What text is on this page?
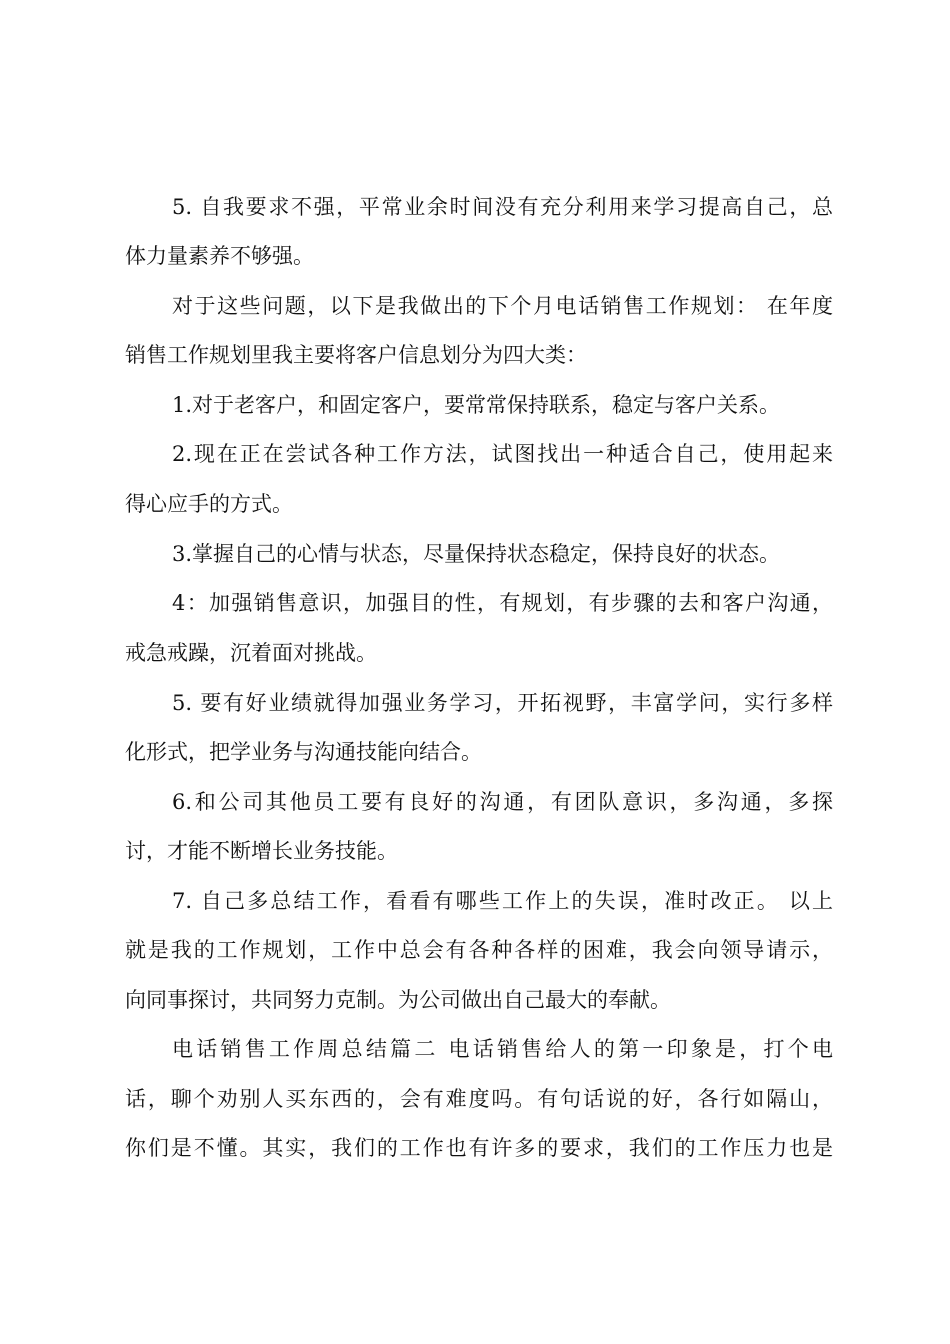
5. 自我要求不强，平常业余时间没有充分利用来学习提高自己，总

体力量素养不够强。

对于这些问题，以下是我做出的下个月电话销售工作规划： 在年度

销售工作规划里我主要将客户信息划分为四大类：

1.对于老客户，和固定客户，要常常保持联系，稳定与客户关系。

2.现在正在尝试各种工作方法，试图找出一种适合自己，使用起来

得心应手的方式。

3.掌握自己的心情与状态，尽量保持状态稳定，保持良好的状态。

4：加强销售意识，加强目的性，有规划，有步骤的去和客户沟通，

戒急戒躁，沉着面对挑战。

5. 要有好业绩就得加强业务学习，开拓视野，丰富学问，实行多样

化形式，把学业务与沟通技能向结合。

6.和公司其他员工要有良好的沟通，有团队意识，多沟通，多探

讨，才能不断增长业务技能。

7. 自己多总结工作，看看有哪些工作上的失误，准时改正。 以上

就是我的工作规划，工作中总会有各种各样的困难，我会向领导请示，

向同事探讨，共同努力克制。为公司做出自己最大的奉献。

电话销售工作周总结篇二 电话销售给人的第一印象是，打个电

话，聊个劝别人买东西的，会有难度吗。有句话说的好，各行如隔山，

你们是不懂。其实，我们的工作也有许多的要求，我们的工作压力也是
